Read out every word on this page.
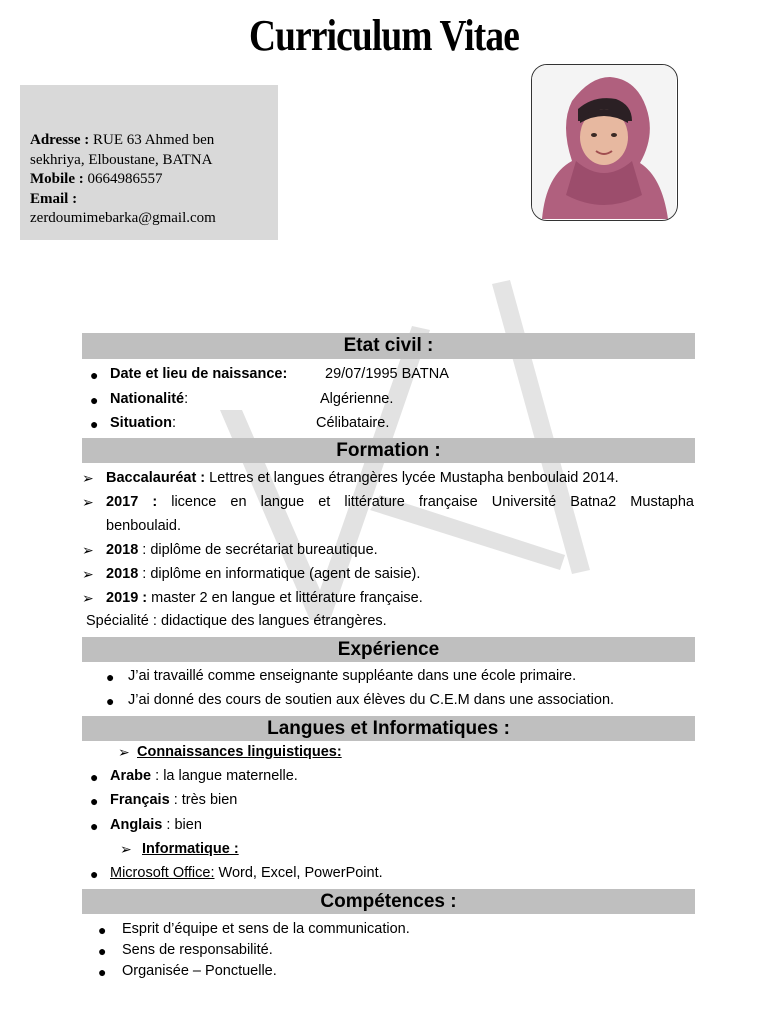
Curriculum Vitae
Adresse : RUE 63 Ahmed ben sekhriya, Elboustane, BATNA
Mobile : 0664986557
Email :
zerdoumimebarka@gmail.com
Etat civil :
● Date et lieu de naissance:	29/07/1995 BATNA
● Nationalité:	Algérienne.
● Situation:	Célibataire.
Formation :
➢ Baccalauréat : Lettres et langues étrangères lycée Mustapha benboulaid 2014.
➢ 2017 : licence en langue et littérature française Université Batna2 Mustapha
benboulaid.
➢ 2018 : diplôme de secrétariat bureautique.
➢ 2018 : diplôme en informatique (agent de saisie).
➢ 2019 : master 2 en langue et littérature française.
Spécialité : didactique des langues étrangères.
Expérience
● J’ai travaillé comme enseignante suppléante dans une école primaire.
● J’ai donné des cours de soutien aux élèves du C.E.M dans une association.
Langues et Informatiques :
➢ Connaissances linguistiques:
● Arabe : la langue maternelle.
● Français : très bien
● Anglais : bien
➢ Informatique :
● Microsoft Office: Word, Excel, PowerPoint.
Compétences :
● Esprit d’équipe et sens de la communication.
● Sens de responsabilité.
● Organisée – Ponctuelle.
